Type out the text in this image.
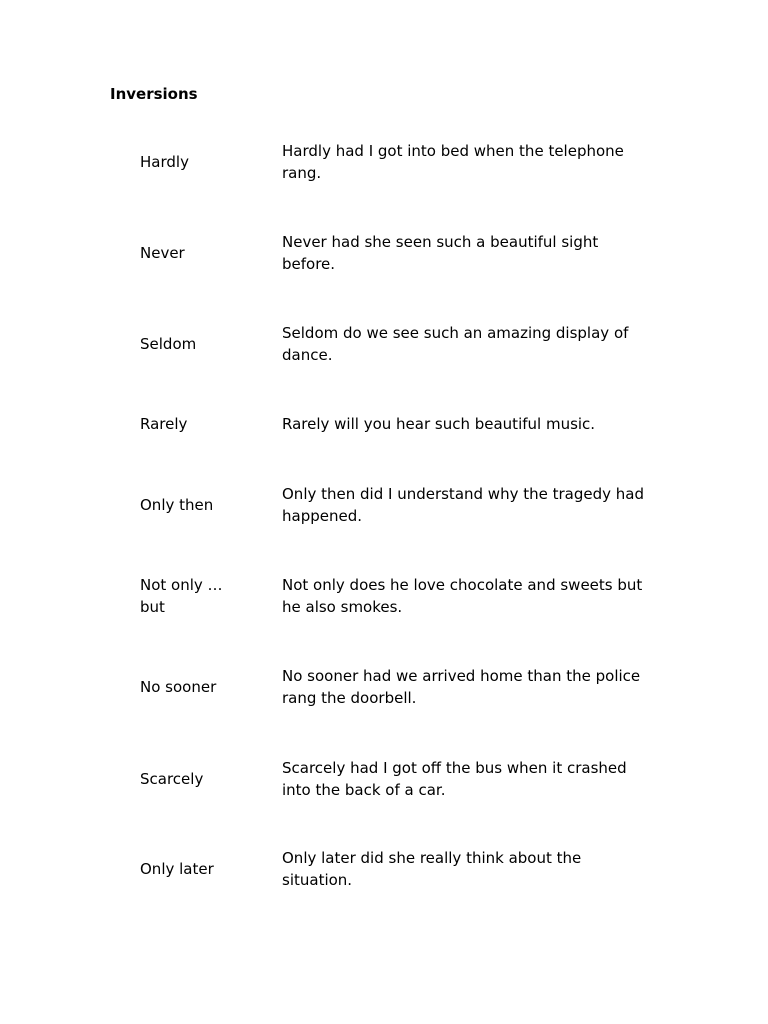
Inversions
Hardly
Hardly had I got into bed when the telephone rang.
Never
Never had she seen such a beautiful sight before.
Seldom
Seldom do we see such an amazing display of dance.
Rarely	Rarely will you hear such beautiful music.
Only then
Only then did I understand why the tragedy had happened.
Not only … but
Not only does he love chocolate and sweets but he also smokes.
No sooner
No sooner had we arrived home than the police rang the doorbell.
Scarcely
Scarcely had I got off the bus when it crashed into the back of a car.
Only later
Only later did she really think about the situation.
